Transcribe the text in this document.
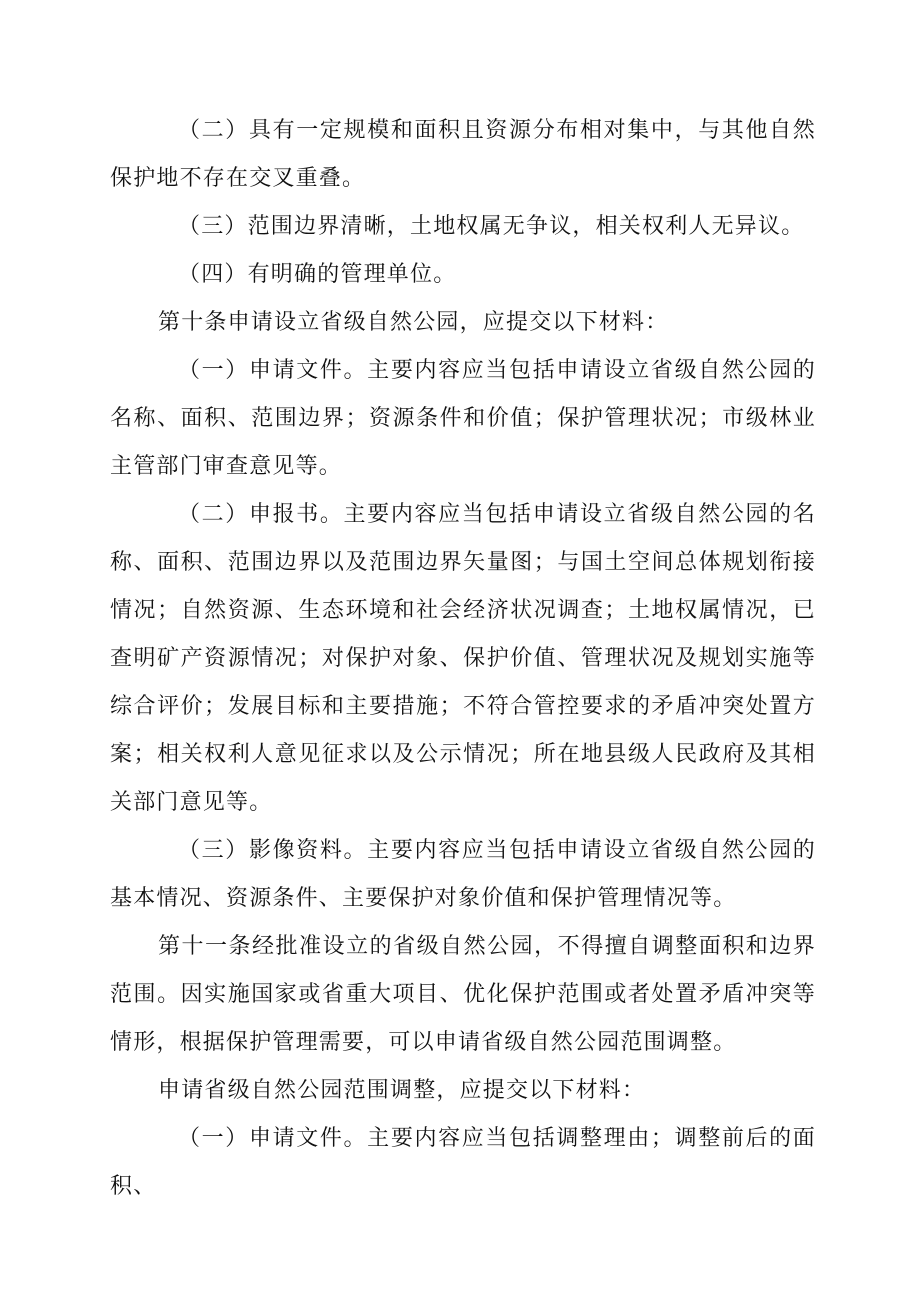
（二）具有一定规模和面积且资源分布相对集中，与其他自然保护地不存在交叉重叠。

（三）范围边界清晰，土地权属无争议，相关权利人无异议。

（四）有明确的管理单位。

第十条申请设立省级自然公园，应提交以下材料：

（一）申请文件。主要内容应当包括申请设立省级自然公园的名称、面积、范围边界；资源条件和价值；保护管理状况；市级林业主管部门审查意见等。

（二）申报书。主要内容应当包括申请设立省级自然公园的名称、面积、范围边界以及范围边界矢量图；与国土空间总体规划衔接情况；自然资源、生态环境和社会经济状况调查；土地权属情况，已查明矿产资源情况；对保护对象、保护价值、管理状况及规划实施等综合评价；发展目标和主要措施；不符合管控要求的矛盾冲突处置方案；相关权利人意见征求以及公示情况；所在地县级人民政府及其相关部门意见等。

（三）影像资料。主要内容应当包括申请设立省级自然公园的基本情况、资源条件、主要保护对象价值和保护管理情况等。

第十一条经批准设立的省级自然公园，不得擅自调整面积和边界范围。因实施国家或省重大项目、优化保护范围或者处置矛盾冲突等情形，根据保护管理需要，可以申请省级自然公园范围调整。

申请省级自然公园范围调整，应提交以下材料：

（一）申请文件。主要内容应当包括调整理由；调整前后的面积、
